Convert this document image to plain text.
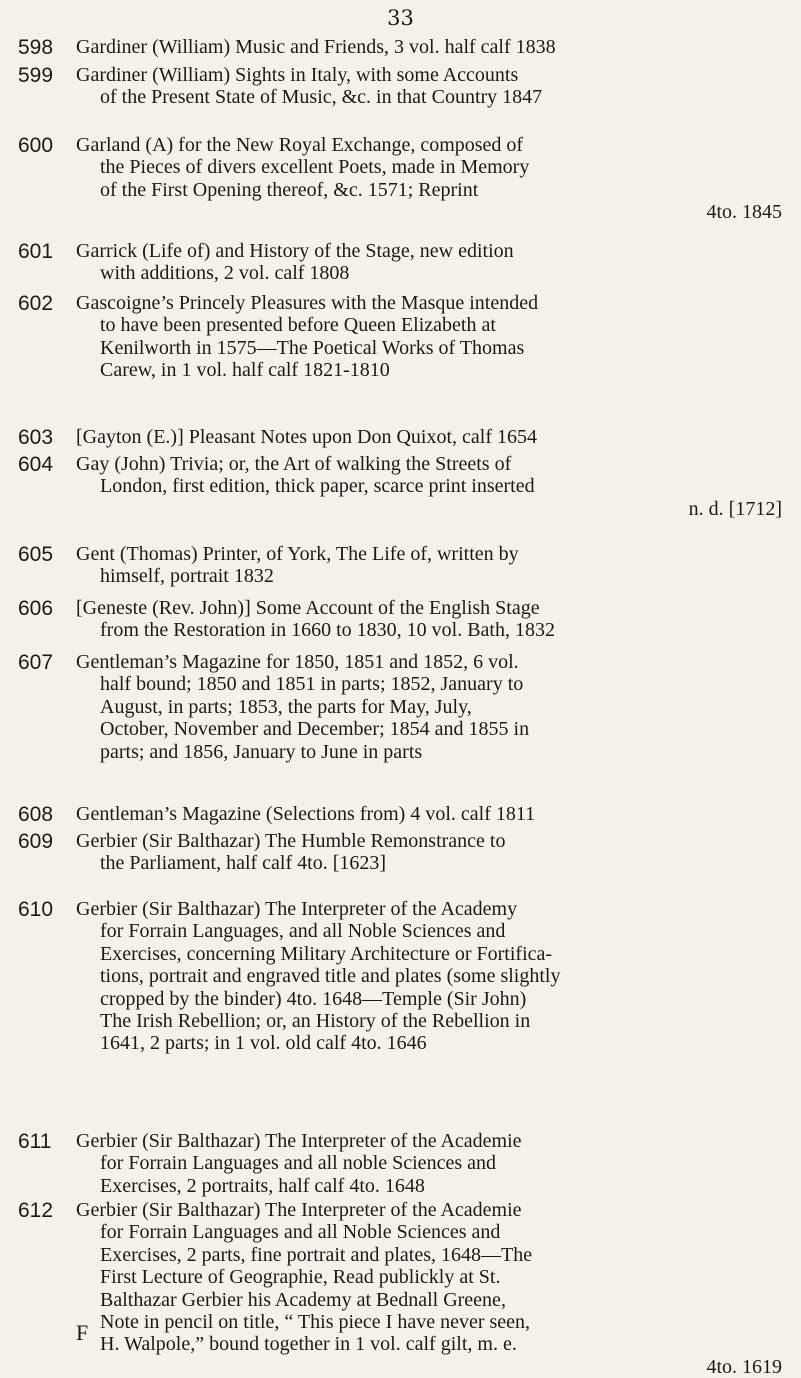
33
598 Gardiner (William) Music and Friends, 3 vol. half calf 1838
599 Gardiner (William) Sights in Italy, with some Accounts
of the Present State of Music, &c. in that Country 1847
600 Garland (A) for the New Royal Exchange, composed of
the Pieces of divers excellent Poets, made in Memory
of the First Opening thereof, &c. 1571; Reprint
4to. 1845
601 Garrick (Life of) and History of the Stage, new edition
with additions, 2 vol. calf 1808
602 Gascoigne’s Princely Pleasures with the Masque intended
to have been presented before Queen Elizabeth at
Kenilworth in 1575—The Poetical Works of Thomas
Carew, in 1 vol. half calf 1821-1810
603 [Gayton (E.)] Pleasant Notes upon Don Quixot, calf 1654
604 Gay (John) Trivia; or, the Art of walking the Streets of
London, first edition, thick paper, scarce print inserted
n. d. [1712]
605 Gent (Thomas) Printer, of York, The Life of, written by
himself, portrait 1832
606 [Geneste (Rev. John)] Some Account of the English Stage
from the Restoration in 1660 to 1830, 10 vol. Bath, 1832
607 Gentleman’s Magazine for 1850, 1851 and 1852, 6 vol.
half bound; 1850 and 1851 in parts; 1852, January to
August, in parts; 1853, the parts for May, July,
October, November and December; 1854 and 1855 in
parts; and 1856, January to June in parts
608 Gentleman’s Magazine (Selections from) 4 vol. calf 1811
609 Gerbier (Sir Balthazar) The Humble Remonstrance to
the Parliament, half calf 4to. [1623]
610 Gerbier (Sir Balthazar) The Interpreter of the Academy
for Forrain Languages, and all Noble Sciences and
Exercises, concerning Military Architecture or Fortifica-
tions, portrait and engraved title and plates (some slightly
cropped by the binder) 4to. 1648—Temple (Sir John)
The Irish Rebellion; or, an History of the Rebellion in
1641, 2 parts; in 1 vol. old calf 4to. 1646
611 Gerbier (Sir Balthazar) The Interpreter of the Academie
for Forrain Languages and all noble Sciences and
Exercises, 2 portraits, half calf 4to. 1648
612 Gerbier (Sir Balthazar) The Interpreter of the Academie
for Forrain Languages and all Noble Sciences and
Exercises, 2 parts, fine portrait and plates, 1648—The
First Lecture of Geographie, Read publickly at St.
Balthazar Gerbier his Academy at Bednall Greene,
Note in pencil on title, “ This piece I have never seen,
H. Walpole,” bound together in 1 vol. calf gilt, m. e.
4to. 1619
F
